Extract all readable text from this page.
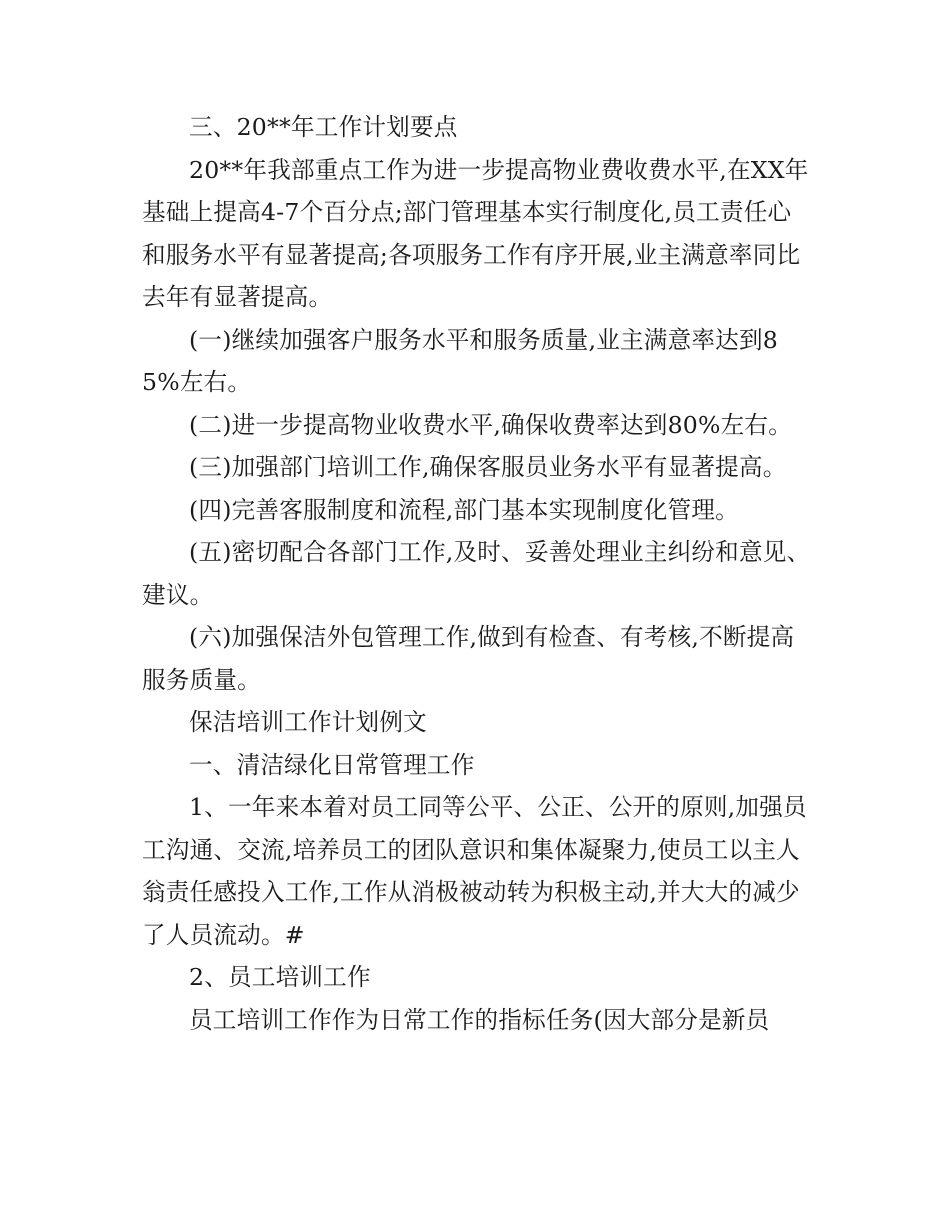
三、20**年工作计划要点

20**年我部重点工作为进一步提高物业费收费水平,在XX年基础上提高4-7个百分点;部门管理基本实行制度化,员工责任心和服务水平有显著提高;各项服务工作有序开展,业主满意率同比去年有显著提高。

(一)继续加强客户服务水平和服务质量,业主满意率达到85%左右。

(二)进一步提高物业收费水平,确保收费率达到80%左右。

(三)加强部门培训工作,确保客服员业务水平有显著提高。

(四)完善客服制度和流程,部门基本实现制度化管理。

(五)密切配合各部门工作,及时、妥善处理业主纠纷和意见、建议。

(六)加强保洁外包管理工作,做到有检查、有考核,不断提高服务质量。

保洁培训工作计划例文

一、清洁绿化日常管理工作

1、一年来本着对员工同等公平、公正、公开的原则,加强员工沟通、交流,培养员工的团队意识和集体凝聚力,使员工以主人翁责任感投入工作,工作从消极被动转为积极主动,并大大的减少了人员流动。#

2、员工培训工作

员工培训工作作为日常工作的指标任务(因大部分是新员
